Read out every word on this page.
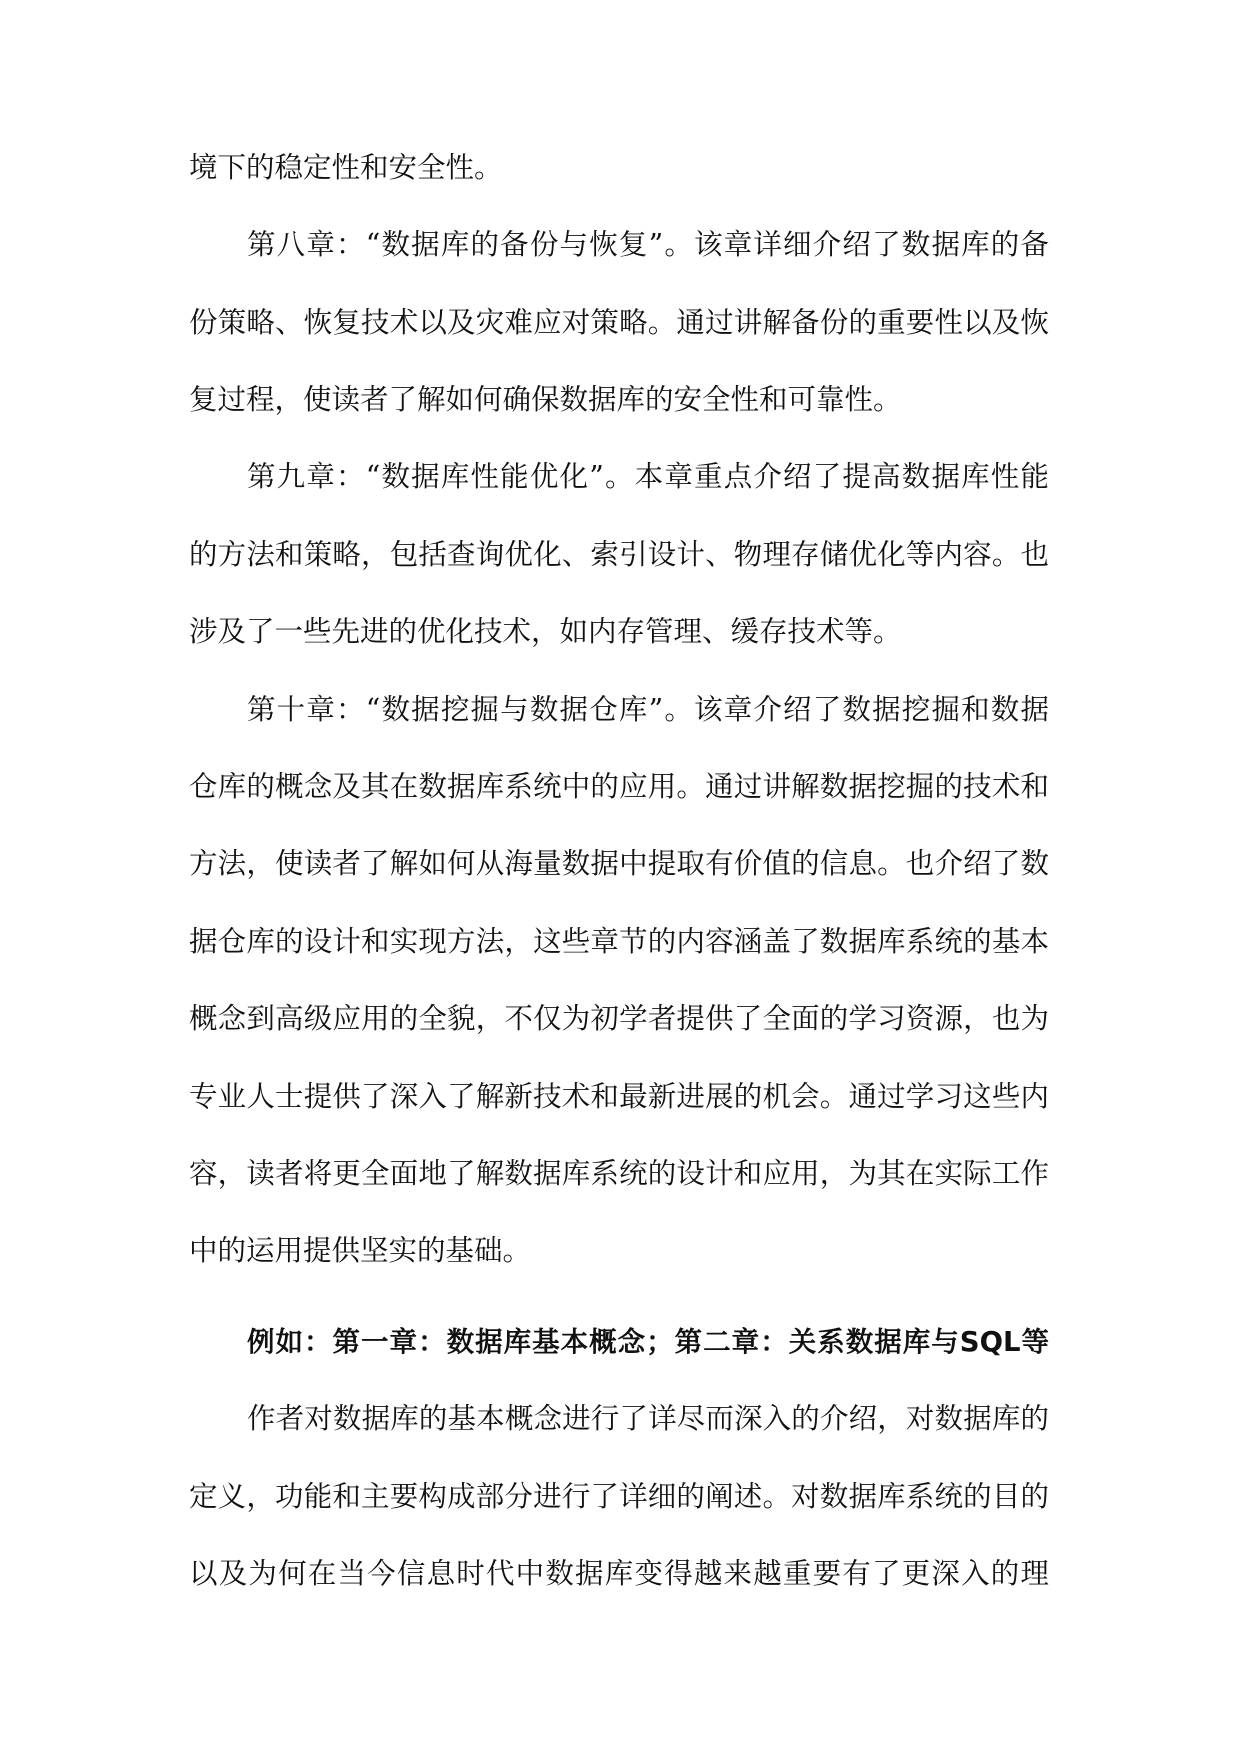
境下的稳定性和安全性。
第八章：“数据库的备份与恢复”。该章详细介绍了数据库的备
份策略、恢复技术以及灾难应对策略。通过讲解备份的重要性以及恢
复过程，使读者了解如何确保数据库的安全性和可靠性。
第九章：“数据库性能优化”。本章重点介绍了提高数据库性能
的方法和策略，包括查询优化、索引设计、物理存储优化等内容。也
涉及了一些先进的优化技术，如内存管理、缓存技术等。
第十章：“数据挖掘与数据仓库”。该章介绍了数据挖掘和数据
仓库的概念及其在数据库系统中的应用。通过讲解数据挖掘的技术和
方法，使读者了解如何从海量数据中提取有价值的信息。也介绍了数
据仓库的设计和实现方法，这些章节的内容涵盖了数据库系统的基本
概念到高级应用的全貌，不仅为初学者提供了全面的学习资源，也为
专业人士提供了深入了解新技术和最新进展的机会。通过学习这些内
容，读者将更全面地了解数据库系统的设计和应用，为其在实际工作
中的运用提供坚实的基础。
例如：第一章：数据库基本概念；第二章：关系数据库与SQL等
作者对数据库的基本概念进行了详尽而深入的介绍，对数据库的
定义，功能和主要构成部分进行了详细的阐述。对数据库系统的目的
以及为何在当今信息时代中数据库变得越来越重要有了更深入的理
